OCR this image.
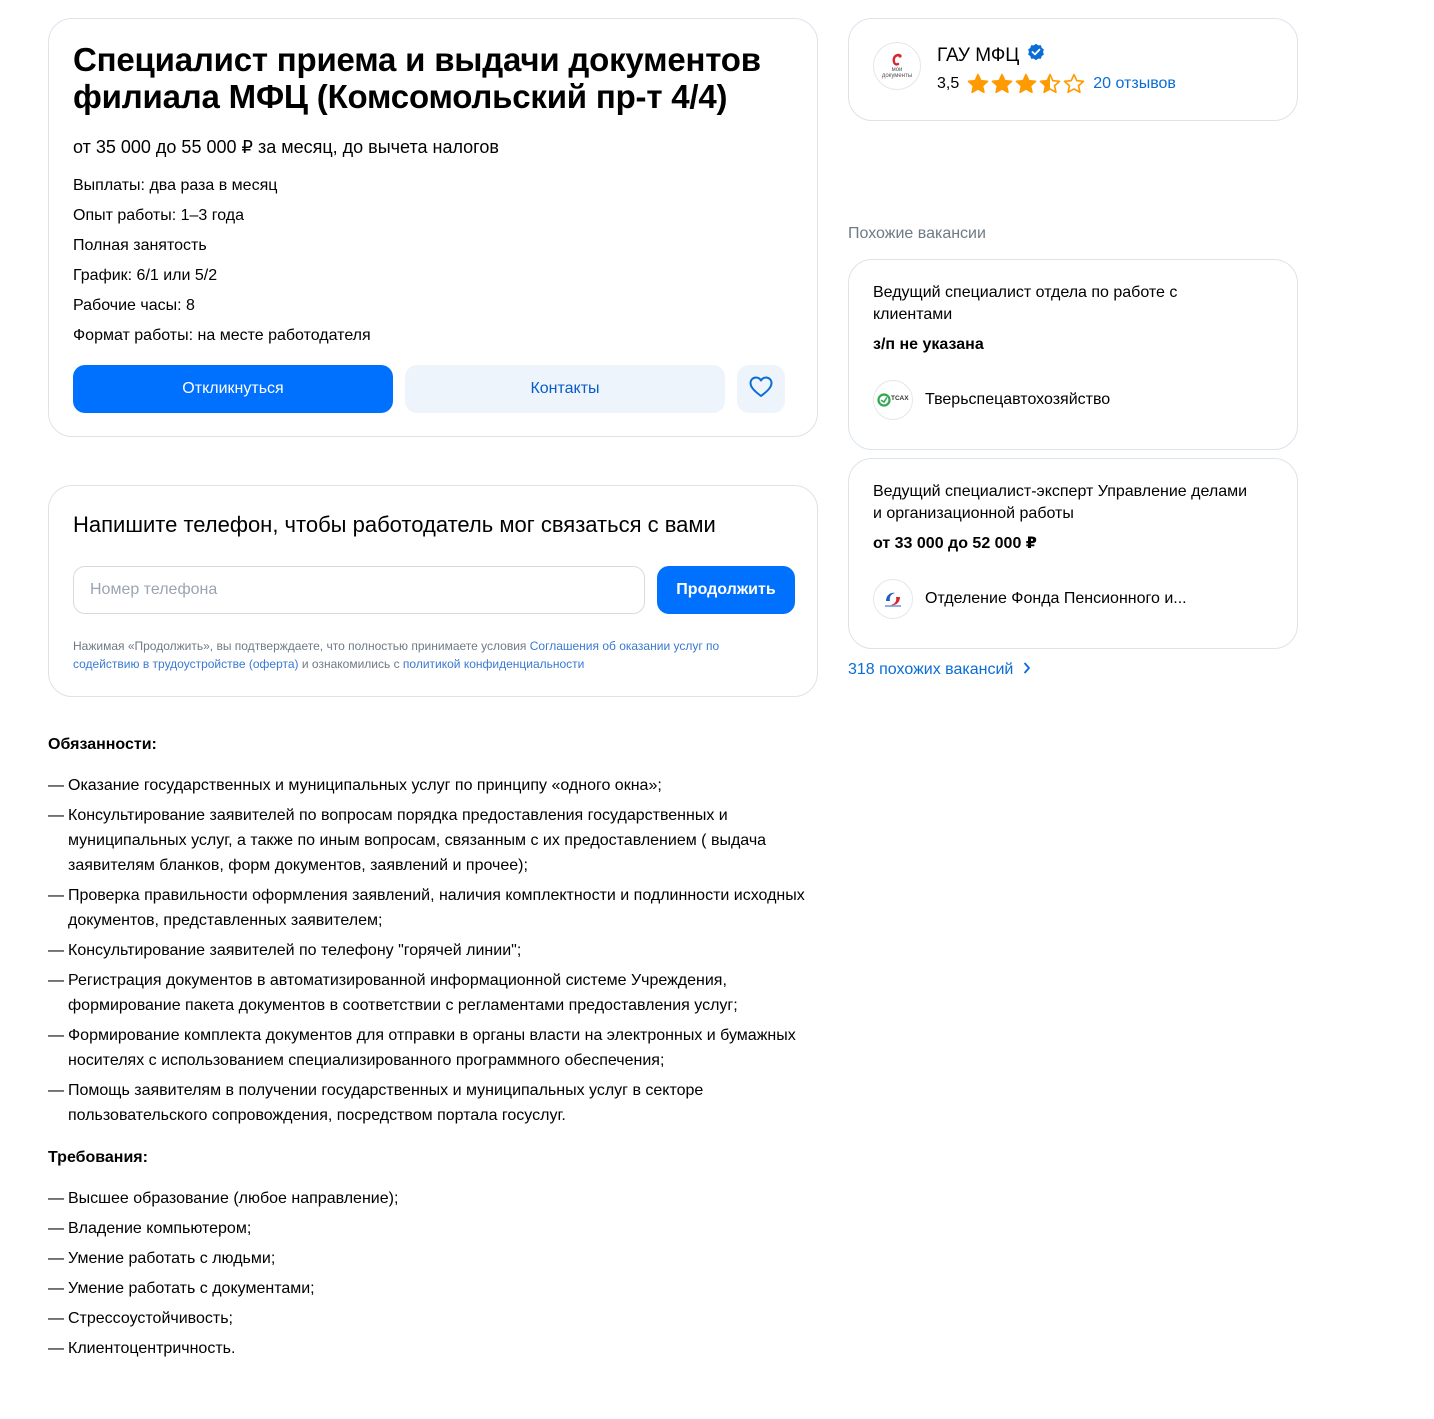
Специалист приема и выдачи документов филиала МФЦ (Комсомольский пр-т 4/4)
от 35 000 до 55 000 ₽ за месяц, до вычета налогов
Выплаты: два раза в месяц
Опыт работы: 1–3 года
Полная занятость
График: 6/1 или 5/2
Рабочие часы: 8
Формат работы: на месте работодателя
Откликнуться	Контакты
Напишите телефон, чтобы работодатель мог связаться с вами
Номер телефона
Продолжить
Нажимая «Продолжить», вы подтверждаете, что полностью принимаете условия Соглашения об оказании услуг по содействию в трудоустройстве (оферта) и ознакомились с политикой конфиденциальности
Обязанности:
— Оказание государственных и муниципальных услуг по принципу «одного окна»;
— Консультирование заявителей по вопросам порядка предоставления государственных и муниципальных услуг, а также по иным вопросам, связанным с их предоставлением ( выдача заявителям бланков, форм документов, заявлений и прочее);
— Проверка правильности оформления заявлений, наличия комплектности и подлинности исходных документов, представленных заявителем;
— Консультирование заявителей по телефону "горячей линии";
— Регистрация документов в автоматизированной информационной системе Учреждения, формирование пакета документов в соответствии с регламентами предоставления услуг;
— Формирование комплекта документов для отправки в органы власти на электронных и бумажных носителях с использованием специализированного программного обеспечения;
— Помощь заявителям в получении государственных и муниципальных услуг в секторе пользовательского сопровождения, посредством портала госуслуг.
Требования:
— Высшее образование (любое направление);
— Владение компьютером;
— Умение работать с людьми;
— Умение работать с документами;
— Стрессоустойчивость;
— Клиентоцентричность.
мои
документы
ГАУ МФЦ
3,5	20 отзывов
Похожие вакансии
Ведущий специалист отдела по работе с клиентами
з/п не указана
ТСАХ Тверьспецавтохозяйство
Ведущий специалист-эксперт Управление делами и организационной работы
от 33 000 до 52 000 ₽
Отделение Фонда Пенсионного и...
318 похожих вакансий
